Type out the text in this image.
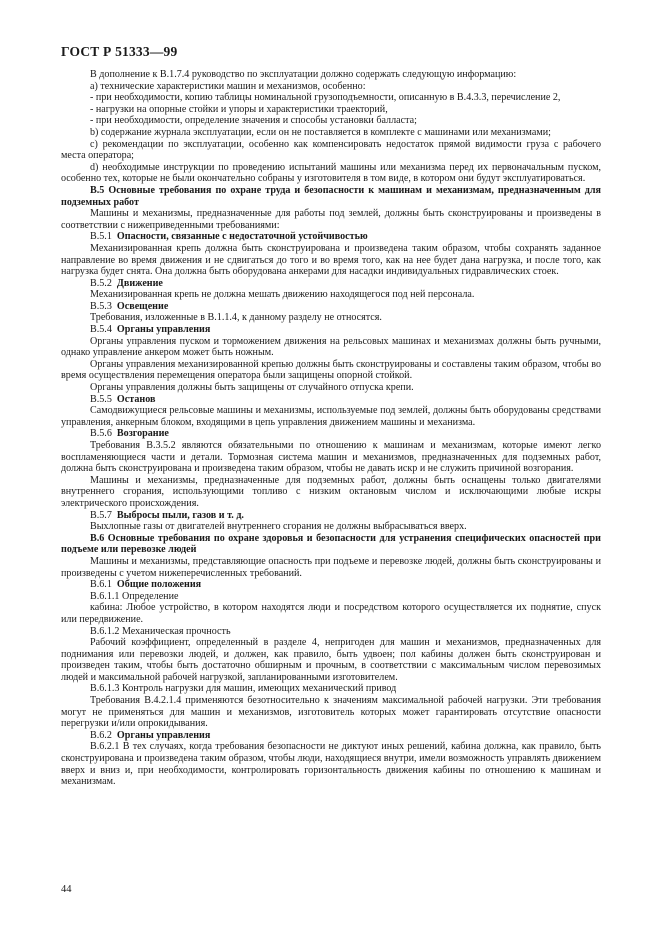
ГОСТ Р 51333—99

В дополнение к В.1.7.4 руководство по эксплуатации должно содержать следующую информацию:

а) технические характеристики машин и механизмов, особенно:

- при необходимости, копию таблицы номинальной грузоподъемности, описанную в В.4.3.3, перечисление 2,

- нагрузки на опорные стойки и упоры и характеристики траекторий,

- при необходимости, определение значения и способы установки балласта;

b) содержание журнала эксплуатации, если он не поставляется в комплекте с машинами или механизмами;

c) рекомендации по эксплуатации, особенно как компенсировать недостаток прямой видимости груза с рабочего места оператора;

d) необходимые инструкции по проведению испытаний машины или механизма перед их первоначальным пуском, особенно тех, которые не были окончательно собраны у изготовителя в том виде, в котором они будут эксплуатироваться.

В.5 Основные требования по охране труда и безопасности к машинам и механизмам, предназначенным для подземных работ

Машины и механизмы, предназначенные для работы под землей, должны быть сконструированы и произведены в соответствии с нижеприведенными требованиями:

В.5.1 Опасности, связанные с недостаточной устойчивостью

Механизированная крепь должна быть сконструирована и произведена таким образом, чтобы сохранять заданное направление во время движения и не сдвигаться до того и во время того, как на нее будет дана нагрузка, и после того, как нагрузка будет снята. Она должна быть оборудована анкерами для насадки индивидуальных гидравлических стоек.

В.5.2 Движение

Механизированная крепь не должна мешать движению находящегося под ней персонала.

В.5.3 Освещение

Требования, изложенные в В.1.1.4, к данному разделу не относятся.

В.5.4 Органы управления

Органы управления пуском и торможением движения на рельсовых машинах и механизмах должны быть ручными, однако управление анкером может быть ножным.

Органы управления механизированной крепью должны быть сконструированы и составлены таким образом, чтобы во время осуществления перемещения оператора были защищены опорной стойкой.

Органы управления должны быть защищены от случайного отпуска крепи.

В.5.5 Останов

Самодвижущиеся рельсовые машины и механизмы, используемые под землей, должны быть оборудованы средствами управления, анкерным блоком, входящими в цепь управления движением машины и механизма.

В.5.6 Возгорание

Требования В.3.5.2 являются обязательными по отношению к машинам и механизмам, которые имеют легко воспламеняющиеся части и детали. Тормозная система машин и механизмов, предназначенных для подземных работ, должна быть сконструирована и произведена таким образом, чтобы не давать искр и не служить причиной возгорания.

Машины и механизмы, предназначенные для подземных работ, должны быть оснащены только двигателями внутреннего сгорания, использующими топливо с низким октановым числом и исключающими любые искры электрического происхождения.

В.5.7 Выбросы пыли, газов и т. д.

Выхлопные газы от двигателей внутреннего сгорания не должны выбрасываться вверх.

В.6 Основные требования по охране здоровья и безопасности для устранения специфических опасностей при подъеме или перевозке людей

Машины и механизмы, представляющие опасность при подъеме и перевозке людей, должны быть сконструированы и произведены с учетом нижеперечисленных требований.

В.6.1 Общие положения

В.6.1.1 Определение

кабина: Любое устройство, в котором находятся люди и посредством которого осуществляется их поднятие, спуск или передвижение.

В.6.1.2 Механическая прочность

Рабочий коэффициент, определенный в разделе 4, непригоден для машин и механизмов, предназначенных для поднимания или перевозки людей, и должен, как правило, быть удвоен; пол кабины должен быть сконструирован и произведен таким, чтобы быть достаточно обширным и прочным, в соответствии с максимальным числом перевозимых людей и максимальной рабочей нагрузкой, запланированными изготовителем.

В.6.1.3 Контроль нагрузки для машин, имеющих механический привод

Требования В.4.2.1.4 применяются безотносительно к значениям максимальной рабочей нагрузки. Эти требования могут не применяться для машин и механизмов, изготовитель которых может гарантировать отсутствие опасности перегрузки и/или опрокидывания.

В.6.2 Органы управления

В.6.2.1 В тех случаях, когда требования безопасности не диктуют иных решений, кабина должна, как правило, быть сконструирована и произведена таким образом, чтобы люди, находящиеся внутри, имели возможность управлять движением вверх и вниз и, при необходимости, контролировать горизонтальность движения кабины по отношению к машинам и механизмам.

44
